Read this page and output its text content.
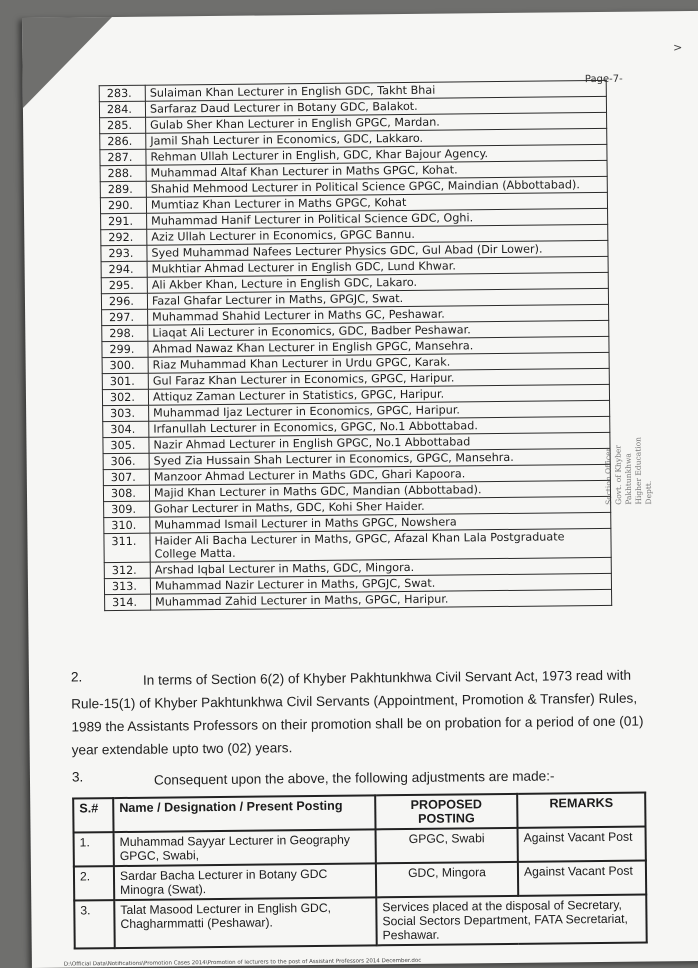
>
Page-7-
283.	Sulaiman Khan Lecturer in English GDC, Takht Bhai
284.	Sarfaraz Daud Lecturer in Botany GDC, Balakot.
285.	Gulab Sher Khan Lecturer in English GPGC, Mardan.
286.	Jamil Shah Lecturer in Economics, GDC, Lakkaro.
287.	Rehman Ullah Lecturer in English, GDC, Khar Bajour Agency.
288.	Muhammad Altaf Khan Lecturer in Maths GPGC, Kohat.
289.	Shahid Mehmood Lecturer in Political Science GPGC, Maindian (Abbottabad).
290.	Mumtiaz Khan Lecturer in Maths GPGC, Kohat
291.	Muhammad Hanif Lecturer in Political Science GDC, Oghi.
292.	Aziz Ullah Lecturer in Economics, GPGC Bannu.
293.	Syed Muhammad Nafees Lecturer Physics GDC, Gul Abad (Dir Lower).
294.	Mukhtiar Ahmad Lecturer in English GDC, Lund Khwar.
295.	Ali Akber Khan, Lecture in English GDC, Lakaro.
296.	Fazal Ghafar Lecturer in Maths, GPGJC, Swat.
297.	Muhammad Shahid Lecturer in Maths GC, Peshawar.
298.	Liaqat Ali Lecturer in Economics, GDC, Badber Peshawar.
299.	Ahmad Nawaz Khan Lecturer in English GPGC, Mansehra.
300.	Riaz Muhammad Khan Lecturer in Urdu GPGC, Karak.
301.	Gul Faraz Khan Lecturer in Economics, GPGC, Haripur.
302.	Attiquz Zaman Lecturer in Statistics, GPGC, Haripur.
303.	Muhammad Ijaz Lecturer in Economics, GPGC, Haripur.
304.	Irfanullah Lecturer in Economics, GPGC, No.1 Abbottabad.
305.	Nazir Ahmad Lecturer in English GPGC, No.1 Abbottabad
306.	Syed Zia Hussain Shah Lecturer in Economics, GPGC, Mansehra.
307.	Manzoor Ahmad Lecturer in Maths GDC, Ghari Kapoora.
308.	Majid Khan Lecturer in Maths GDC, Mandian (Abbottabad).
309.	Gohar Lecturer in Maths, GDC, Kohi Sher Haider.
310.	Muhammad Ismail Lecturer in Maths GPGC, Nowshera
311.	Haider Ali Bacha Lecturer in Maths, GPGC, Afazal Khan Lala Postgraduate College Matta.
312.	Arshad Iqbal Lecturer in Maths, GDC, Mingora.
313.	Muhammad Nazir Lecturer in Maths, GPGJC, Swat.
314.	Muhammad Zahid Lecturer in Maths, GPGC, Haripur.
2.	In terms of Section 6(2) of Khyber Pakhtunkhwa Civil Servant Act, 1973 read with Rule-15(1) of Khyber Pakhtunkhwa Civil Servants (Appointment, Promotion & Transfer) Rules, 1989 the Assistants Professors on their promotion shall be on probation for a period of one (01) year extendable upto two (02) years.
3.	Consequent upon the above, the following adjustments are made:-
S.#	Name / Designation / Present Posting	PROPOSED POSTING	REMARKS
1.	Muhammad Sayyar Lecturer in Geography GPGC, Swabi,	GPGC, Swabi	Against Vacant Post
2.	Sardar Bacha Lecturer in Botany GDC Minogra (Swat).	GDC, Mingora	Against Vacant Post
3.	Talat Masood Lecturer in English GDC, Chagharmmatti (Peshawar).	Services placed at the disposal of Secretary, Social Sectors Department, FATA Secretariat, Peshawar.	
Section Officer Govt. of Khyber Pakhtunkhwa Higher Education Deptt.
D:\Official Data\Notifications\Promotion Cases 2014\Promotion of lecturers to the post of Assistant Professors 2014 December.doc
